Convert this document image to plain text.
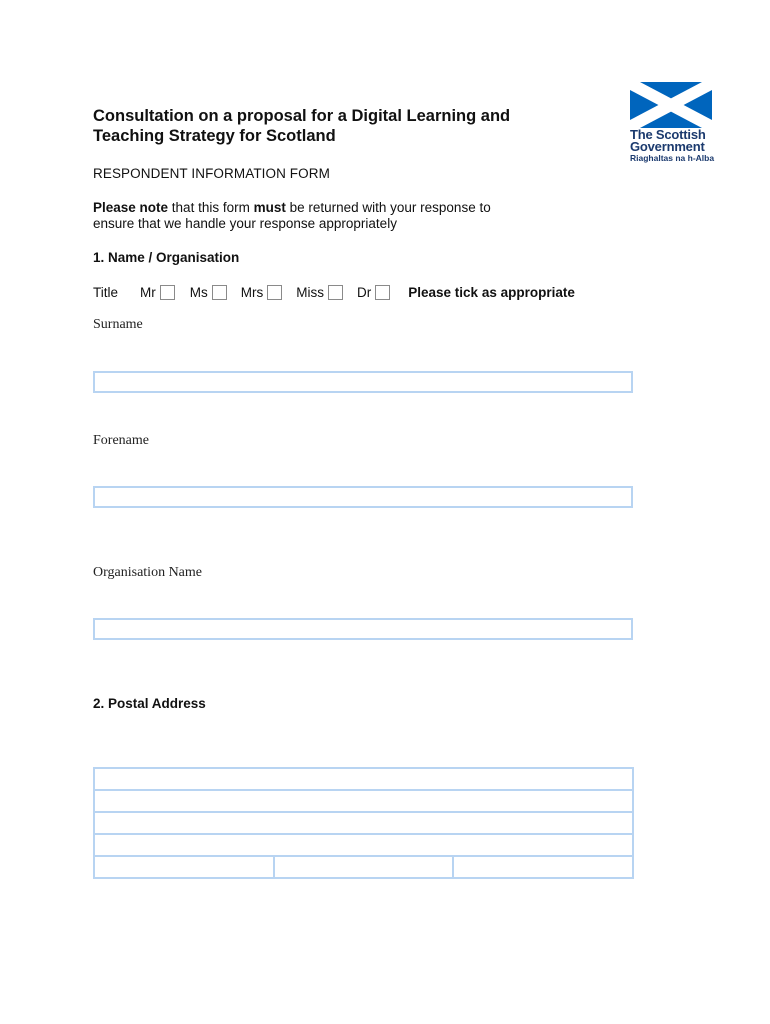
The Scottish
Government
Riaghaltas na h-Alba
Consultation on a proposal for a Digital Learning and
Teaching Strategy for Scotland
RESPONDENT INFORMATION FORM
Please note that this form must be returned with your response to
ensure that we handle your response appropriately
1. Name / Organisation
Title Mr	Ms Mrs Miss Dr	Please tick as appropriate
Surname
Forename
Organisation Name
2. Postal Address
